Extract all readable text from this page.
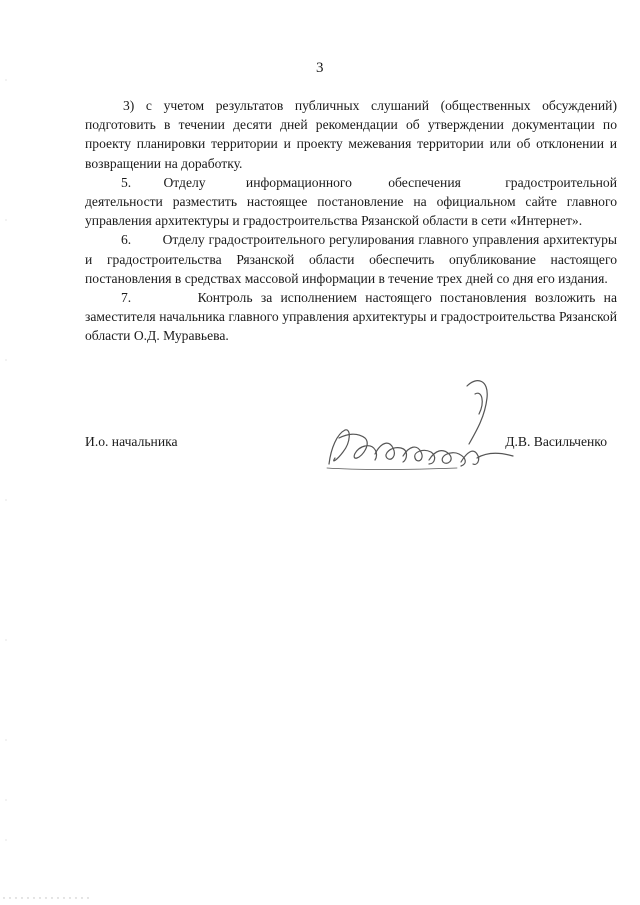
3

3) с учетом результатов публичных слушаний (общественных обсуждений) подготовить в течении десяти дней рекомендации об утверждении документации по проекту планировки территории и проекту межевания территории или об отклонении и возвращении на доработку.

5.        Отделу          информационного         обеспечения           градостроительной деятельности разместить настоящее постановление на официальном сайте главного управления архитектуры и градостроительства Рязанской области в сети «Интернет».

6.        Отделу градостроительного регулирования главного управления архитектуры и градостроительства Рязанской области обеспечить опубликование настоящего постановления в средствах массовой информации в течение трех дней со дня его издания.

7.        Контроль за исполнением настоящего постановления возложить на заместителя начальника главного управления архитектуры и градостроительства Рязанской области О.Д. Муравьева.

И.о. начальника	Д.В. Васильченко
